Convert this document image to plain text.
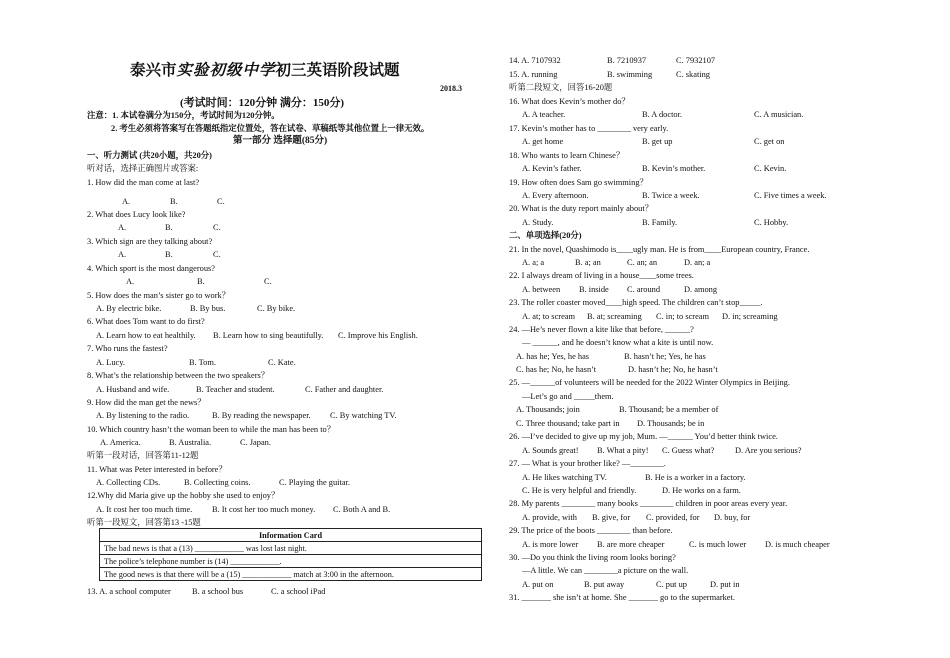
泰兴市实验初级中学初三英语阶段试题
2018.3
(考试时间：120分钟 满分：150分)
注意：1. 本试卷满分为150分，考试时间为120分钟。
2. 考生必须将答案写在答题纸指定位置处，答在试卷、草稿纸等其他位置上一律无效。
第一部分 选择题(85分)
一、听力测试 (共20小题，共20分)
听对话，选择正确图片或答案:
1. How did the man come at last?
A.	B.	C.
2. What does Lucy look like?
A.	B.	C.
3. Which sign are they talking about?
A.	B.	C.
4. Which sport is the most dangerous?
A.	B.	C.
5. How does the man’s sister go to work？
A. By electric bike.	B. By bus.	C. By bike.
6. What does Tom want to do first?
A. Learn how to eat healthily. B. Learn how to sing beautifully. C. Improve his English.
7. Who runs the fastest?
A. Lucy.	B. Tom.	C. Kate.
8. What’s the relationship between the two speakers？
A. Husband and wife.	B. Teacher and student.	C. Father and daughter.
9. How did the man get the news？
A. By listening to the radio.	B. By reading the newspaper. C. By watching TV.
10. Which country hasn’t the woman been to while the man has been to？
A. America.	B. Australia.	C. Japan.
听第一段对话，回答第11-12题
11. What was Peter interested in before？
A. Collecting CDs.	B. Collecting coins.	C. Playing the guitar.
12.Why did Maria give up the hobby she used to enjoy？
A. It cost her too much time. B. It cost her too much money. C. Both A and B.
听第一段短文，回答第13 -15题
Information Card
The bad news is that a (13) ____________ was lost last night.
The police’s telephone number is (14) ____________.
The good news is that there will be a (15) ____________ match at 3:00 in the afternoon.
13. A. a school computer	B. a school bus	C. a school iPad
14. A. 7107932	B. 7210937	C. 7932107
15. A. running	B. swimming	C. skating
听第二段短文，回答16-20题
16. What does Kevin’s mother do？
A. A teacher.	B. A doctor.	C. A musician.
17. Kevin’s mother has to ________ very early.
A. get home	B. get up	C. get on
18. Who wants to learn Chinese？
A. Kevin’s father.	B. Kevin’s mother.	C. Kevin.
19. How often does Sam go swimming？
A. Every afternoon.	B. Twice a week.	C. Five times a week.
20. What is the duty report mainly about？
A. Study.	B. Family.	C. Hobby.
二、单项选择(20分)
21. In the novel, Quashimodo is____ugly man. He is from____European country, France.
A. a; a	B. a; an	C. an; an	D. an; a
22. I always dream of living in a house____some trees.
A. between B. inside C. around	D. among
23. The roller coaster moved____high speed. The children can’t stop_____.
A. at; to scream B. at; screaming C. in; to scream D. in; screaming
24. —He’s never flown a kite like that before, ______?
— ______, and he doesn’t know what a kite is until now.
A. has he; Yes, he has	B. hasn’t he; Yes, he has
C. has he; No, he hasn’t	D. hasn’t he; No, he hasn’t
25. —______of volunteers will be needed for the 2022 Winter Olympics in Beijing.
—Let’s go and _____them.
A. Thousands; join	B. Thousand; be a member of
C. Three thousand; take part in D. Thousands; be in
26. —I’ve decided to give up my job, Mum. —______ You’d better think twice.
A. Sounds great! B. What a pity! C. Guess what? D. Are you serious?
27. — What is your brother like? —________.
A. He likes watching TV.	B. He is a worker in a factory.
C. He is very helpful and friendly.	D. He works on a farm.
28. My parents ________ many books ________ children in poor areas every year.
A. provide, with B. give, for C. provided, for D. buy, for
29. The price of the boots ________ than before.
A. is more lower B. are more cheaper	C. is much lower D. is much cheaper
30. —Do you think the living room looks boring?
—A little. We can ________a picture on the wall.
A. put on	B. put away	C. put up	D. put in
31. _______ she isn’t at home. She _______ go to the supermarket.
